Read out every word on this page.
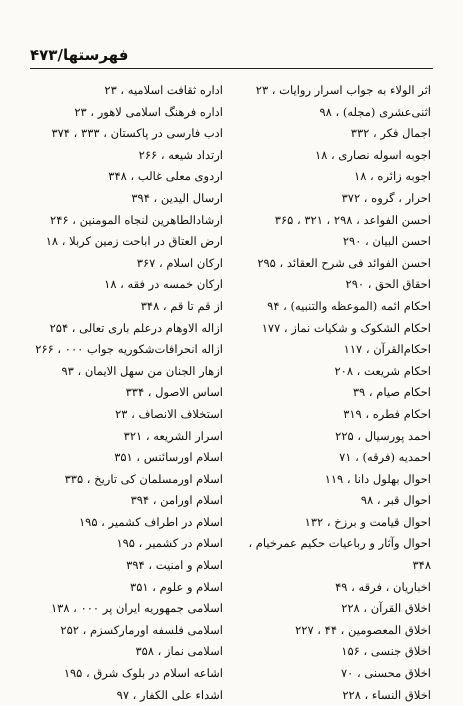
فهرستها/۴۷۳
اثر الولاء به جواب اسرار روایات ، ۲۳
اثنی‌عشری (مجله) ، ۹۸
اجمال فکر ، ۳۳۲
اجوبه اسوله نصاری ، ۱۸
اجوبه زائره ، ۱۸
احرار ، گروه ، ۳۷۲
احسن الفواعد ، ۲۹۸ ، ۳۲۱ ، ۳۶۵
احسن البیان ، ۲۹۰
احسن الفوائد فی شرح العقائد ، ۲۹۵
احقاق الحق ، ۲۹۰
احکام ائمه (الموعظه والتنبیه) ، ۹۴
احکام الشکوک و شکیات نماز ، ۱۷۷
احکام‌القرآن ، ۱۱۷
احکام شریعت ، ۲۰۸
احکام صیام ، ۳۹
احکام فطره ، ۳۱۹
احمد پورسیال ، ۲۲۵
احمدیه (فرقه) ، ۷۱
احوال بهلول دانا ، ۱۱۹
احوال قبر ، ۹۸
احوال قیامت و برزخ ، ۱۳۲
احوال وآثار و رباعیات حکیم عمرخیام ،
۳۴۸
اخباریان ، فرقه ، ۴۹
اخلاق القرآن ، ۲۲۸
اخلاق المعصومین ، ۴۴ ، ۲۲۷
اخلاق جنسی ، ۱۵۶
اخلاق محسنی ، ۷۰
اخلاق النساء ، ۲۲۸
اداره ثقافت اسلامیه ، ۲۳
اداره فرهنگ اسلامی لاهور ، ۲۳
ادب فارسی در پاکستان ، ۳۳۳ ، ۳۷۴
ارتداد شیعه ، ۲۶۶
اردوی معلی غالب ، ۳۴۸
ارسال الیدین ، ۳۹۴
ارشادالطاهرین لنجاه المومنین ، ۲۴۶
ارض العتاق در اباحت زمین کربلا ، ۱۸
ارکان اسلام ، ۳۶۷
ارکان خمسه در فقه ، ۱۸
از قم تا قم ، ۳۴۸
ازاله الاوهام درعلم باری تعالی ، ۲۵۴
ازاله انحرافات‌شکوریه جواب ۰۰۰ ، ۲۶۶
ازهار الجنان من سهل الایمان ، ۹۳
اساس الاصول ، ۳۳۴
استخلاف الانصاف ، ۲۳
اسرار الشریعه ، ۳۲۱
اسلام اورسائنس ، ۳۵۱
اسلام اورمسلمان کی تاریخ ، ۳۳۵
اسلام اورامن ، ۳۹۴
اسلام در اطراف کشمیر ، ۱۹۵
اسلام در کشمیر ، ۱۹۵
اسلام و امنیت ، ۳۹۴
اسلام و علوم ، ۳۵۱
اسلامی جمهوریه ایران پر ۰۰۰ ، ۱۳۸
اسلامی فلسفه اورمارکسزم ، ۲۵۲
اسلامی نماز ، ۳۵۸
اشاعه اسلام در بلوک شرق ، ۱۹۵
اشداء علی الکفار ، ۹۷
